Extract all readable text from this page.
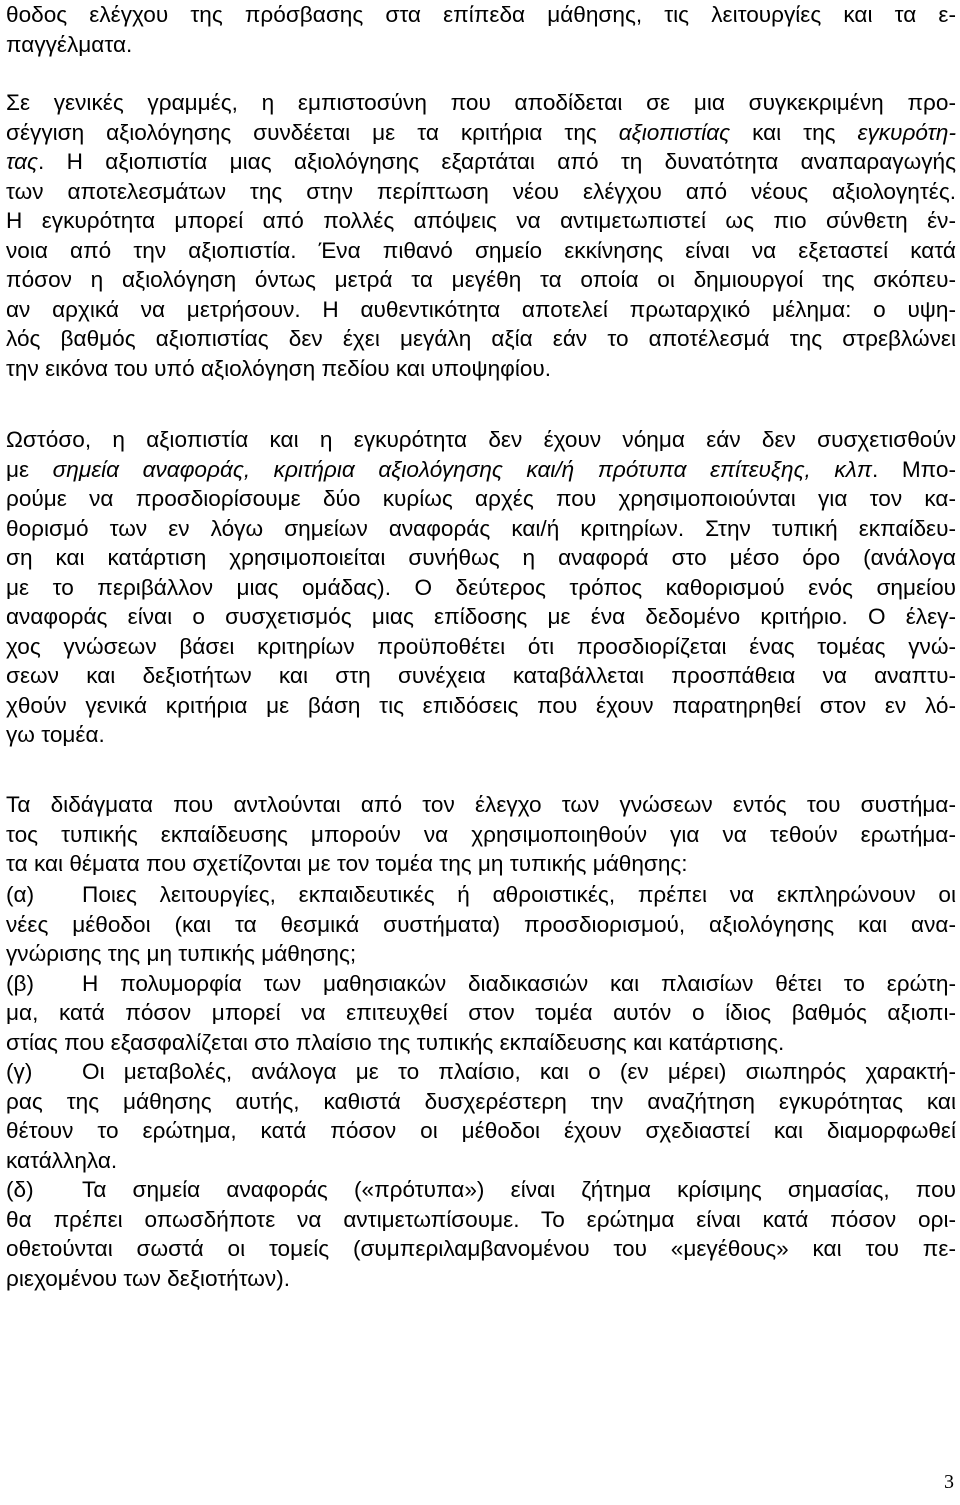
θοδος ελέγχου της πρόσβασης στα επίπεδα μάθησης, τις λειτουργίες και τα ε-
παγγέλματα.
Σε γενικές γραμμές, η εμπιστοσύνη που αποδίδεται σε μια συγκεκριμένη προ-
σέγγιση αξιολόγησης συνδέεται με τα κριτήρια της αξιοπιστίας και της εγκυρότη-
τας. Η αξιοπιστία μιας αξιολόγησης εξαρτάται από τη δυνατότητα αναπαραγωγής
των αποτελεσμάτων της στην περίπτωση νέου ελέγχου από νέους αξιολογητές.
Η εγκυρότητα μπορεί από πολλές απόψεις να αντιμετωπιστεί ως πιο σύνθετη έν-
νοια από την αξιοπιστία. Ένα πιθανό σημείο εκκίνησης είναι να εξεταστεί κατά
πόσον η αξιολόγηση όντως μετρά τα μεγέθη τα οποία οι δημιουργοί της σκόπευ-
αν αρχικά να μετρήσουν. Η αυθεντικότητα αποτελεί πρωταρχικό μέλημα: ο υψη-
λός βαθμός αξιοπιστίας δεν έχει μεγάλη αξία εάν το αποτέλεσμά της στρεβλώνει
την εικόνα του υπό αξιολόγηση πεδίου και υποψηφίου.
Ωστόσο, η αξιοπιστία και η εγκυρότητα δεν έχουν νόημα εάν δεν συσχετισθούν
με σημεία αναφοράς, κριτήρια αξιολόγησης και/ή πρότυπα επίτευξης, κλπ. Μπο-
ρούμε να προσδιορίσουμε δύο κυρίως αρχές που χρησιμοποιούνται για τον κα-
θορισμό των εν λόγω σημείων αναφοράς και/ή κριτηρίων. Στην τυπική εκπαίδευ-
ση και κατάρτιση χρησιμοποιείται συνήθως η αναφορά στο μέσο όρο (ανάλογα
με το περιβάλλον μιας ομάδας). Ο δεύτερος τρόπος καθορισμού ενός σημείου
αναφοράς είναι ο συσχετισμός μιας επίδοσης με ένα δεδομένο κριτήριο. Ο έλεγ-
χος γνώσεων βάσει κριτηρίων προϋποθέτει ότι προσδιορίζεται ένας τομέας γνώ-
σεων και δεξιοτήτων και στη συνέχεια καταβάλλεται προσπάθεια να αναπτυ-
χθούν γενικά κριτήρια με βάση τις επιδόσεις που έχουν παρατηρηθεί στον εν λό-
γω τομέα.
Τα διδάγματα που αντλούνται από τον έλεγχο των γνώσεων εντός του συστήμα-
τος τυπικής εκπαίδευσης μπορούν να χρησιμοποιηθούν για να τεθούν ερωτήμα-
τα και θέματα που σχετίζονται με τον τομέα της μη τυπικής μάθησης:
(α) Ποιες λειτουργίες, εκπαιδευτικές ή αθροιστικές, πρέπει να εκπληρώνουν οι
νέες μέθοδοι (και τα θεσμικά συστήματα) προσδιορισμού, αξιολόγησης και ανα-
γνώρισης της μη τυπικής μάθησης;
(β) Η πολυμορφία των μαθησιακών διαδικασιών και πλαισίων θέτει το ερώτη-
μα, κατά πόσον μπορεί να επιτευχθεί στον τομέα αυτόν ο ίδιος βαθμός αξιοπι-
στίας που εξασφαλίζεται στο πλαίσιο της τυπικής εκπαίδευσης και κατάρτισης.
(γ) Οι μεταβολές, ανάλογα με το πλαίσιο, και ο (εν μέρει) σιωπηρός χαρακτή-
ρας της μάθησης αυτής, καθιστά δυσχερέστερη την αναζήτηση εγκυρότητας και
θέτουν το ερώτημα, κατά πόσον οι μέθοδοι έχουν σχεδιαστεί και διαμορφωθεί
κατάλληλα.
(δ) Τα σημεία αναφοράς («πρότυπα») είναι ζήτημα κρίσιμης σημασίας, που
θα πρέπει οπωσδήποτε να αντιμετωπίσουμε. Το ερώτημα είναι κατά πόσον ορι-
οθετούνται σωστά οι τομείς (συμπεριλαμβανομένου του «μεγέθους» και του πε-
ριεχομένου των δεξιοτήτων).
3
